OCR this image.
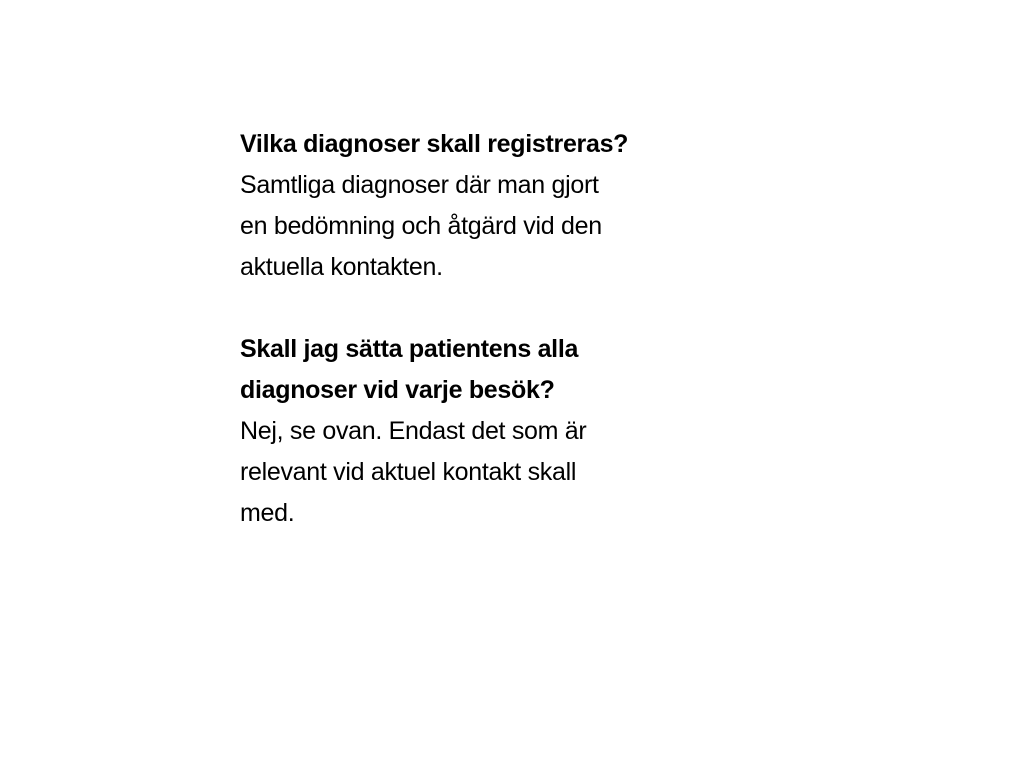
Vilka diagnoser skall registreras?
Samtliga diagnoser där man gjort
en bedömning och åtgärd vid den
aktuella kontakten.
Skall jag sätta patientens alla
diagnoser vid varje besök?
Nej, se ovan. Endast det som är
relevant vid aktuel kontakt skall
med.
